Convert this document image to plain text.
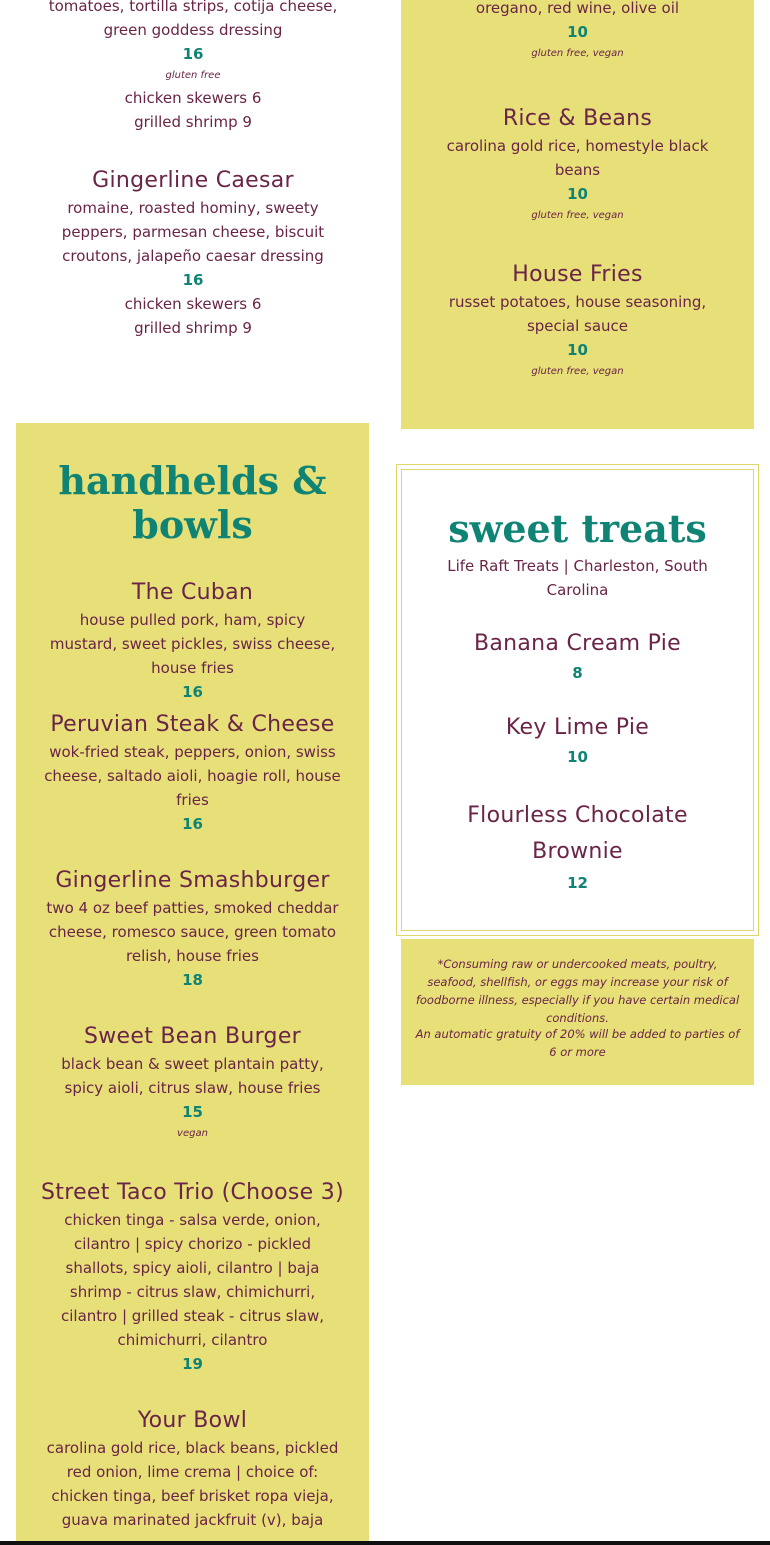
tomatoes, tortilla strips, cotija cheese, green goddess dressing
16
gluten free
chicken skewers 6
grilled shrimp 9
Gingerline Caesar
romaine, roasted hominy, sweety peppers, parmesan cheese, biscuit croutons, jalapeño caesar dressing
16
chicken skewers 6
grilled shrimp 9
oregano, red wine, olive oil
10
gluten free, vegan
Rice & Beans
carolina gold rice, homestyle black beans
10
gluten free, vegan
House Fries
russet potatoes, house seasoning, special sauce
10
gluten free, vegan
handhelds &
bowls
The Cuban
house pulled pork, ham, spicy mustard, sweet pickles, swiss cheese, house fries
16
Peruvian Steak & Cheese
wok-fried steak, peppers, onion, swiss cheese, saltado aioli, hoagie roll, house fries
16
Gingerline Smashburger
two 4 oz beef patties, smoked cheddar cheese, romesco sauce, green tomato relish, house fries
18
Sweet Bean Burger
black bean & sweet plantain patty, spicy aioli, citrus slaw, house fries
15
vegan
Street Taco Trio (Choose 3)
chicken tinga - salsa verde, onion, cilantro | spicy chorizo - pickled shallots, spicy aioli, cilantro | baja shrimp - citrus slaw, chimichurri, cilantro | grilled steak - citrus slaw, chimichurri, cilantro
19
Your Bowl
carolina gold rice, black beans, pickled red onion, lime crema | choice of: chicken tinga, beef brisket ropa vieja, guava marinated jackfruit (v), baja
sweet treats
Life Raft Treats | Charleston, South Carolina
Banana Cream Pie
8
Key Lime Pie
10
Flourless Chocolate Brownie
12
*Consuming raw or undercooked meats, poultry, seafood, shellfish, or eggs may increase your risk of foodborne illness, especially if you have certain medical conditions.
An automatic gratuity of 20% will be added to parties of 6 or more
